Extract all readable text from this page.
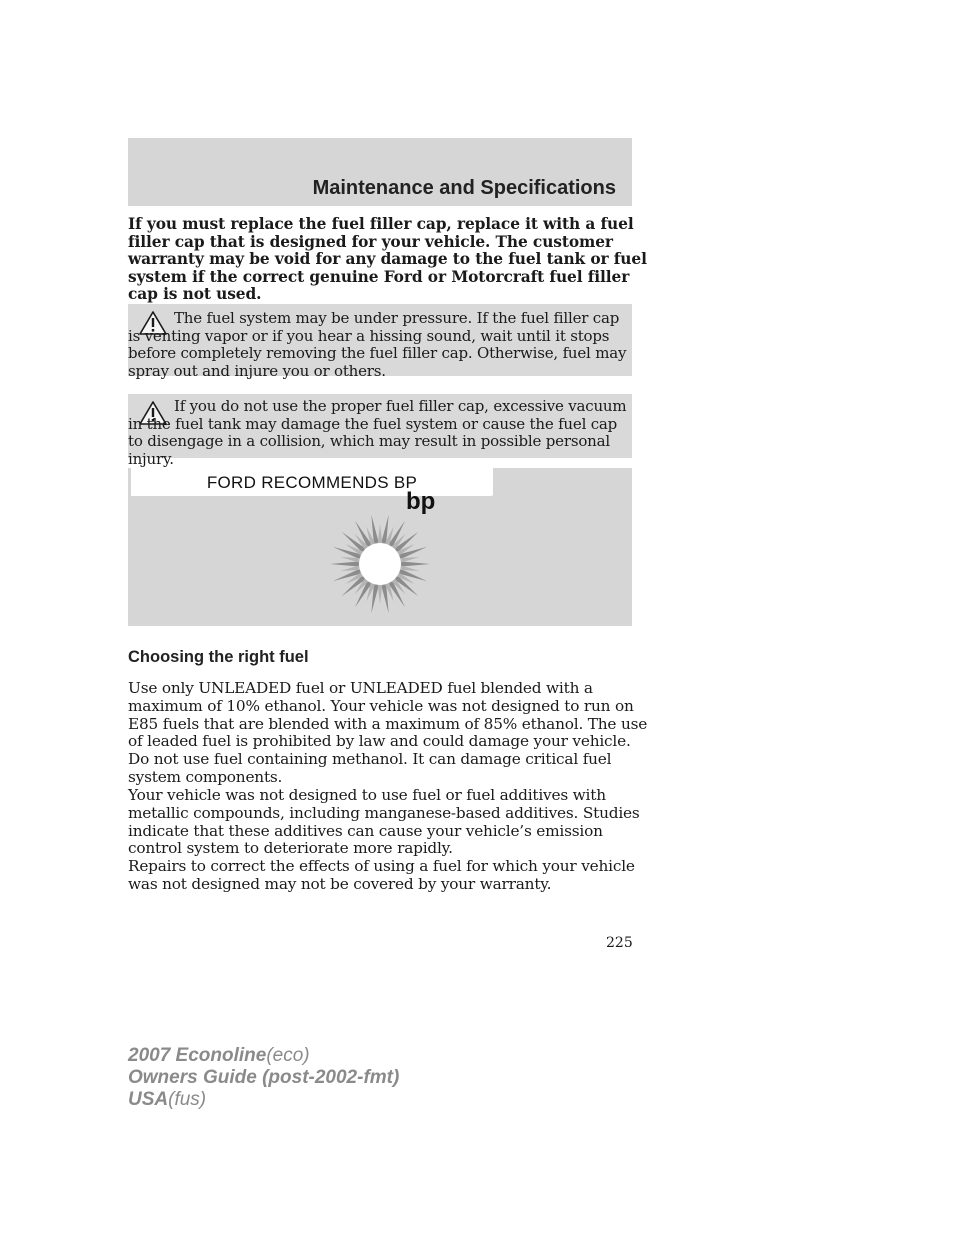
Maintenance and Specifications

If you must replace the fuel filler cap, replace it with a fuel filler cap that is designed for your vehicle. The customer warranty may be void for any damage to the fuel tank or fuel system if the correct genuine Ford or Motorcraft fuel filler cap is not used.

The fuel system may be under pressure. If the fuel filler cap is venting vapor or if you hear a hissing sound, wait until it stops before completely removing the fuel filler cap. Otherwise, fuel may spray out and injure you or others.

If you do not use the proper fuel filler cap, excessive vacuum in the fuel tank may damage the fuel system or cause the fuel cap to disengage in a collision, which may result in possible personal injury.

FORD RECOMMENDS BP

bp

Choosing the right fuel

Use only UNLEADED fuel or UNLEADED fuel blended with a maximum of 10% ethanol. Your vehicle was not designed to run on E85 fuels that are blended with a maximum of 85% ethanol. The use of leaded fuel is prohibited by law and could damage your vehicle. Do not use fuel containing methanol. It can damage critical fuel system components.

Your vehicle was not designed to use fuel or fuel additives with metallic compounds, including manganese-based additives. Studies indicate that these additives can cause your vehicle’s emission control system to deteriorate more rapidly.

Repairs to correct the effects of using a fuel for which your vehicle was not designed may not be covered by your warranty.

225

2007 Econoline(eco)
Owners Guide (post-2002-fmt)
USA(fus)
